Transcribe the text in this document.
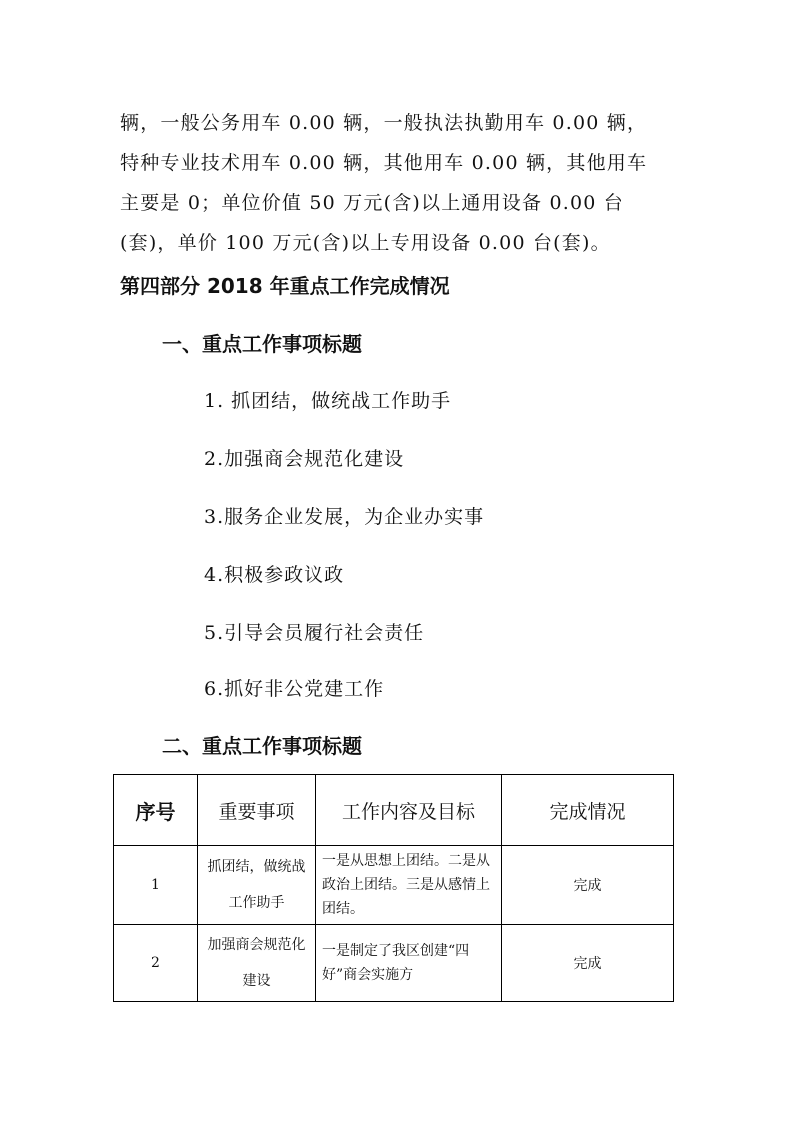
辆，一般公务用车 0.00 辆，一般执法执勤用车 0.00 辆，
特种专业技术用车 0.00 辆，其他用车 0.00 辆，其他用车
主要是 0；单位价值 50 万元(含)以上通用设备 0.00 台
(套)，单价 100 万元(含)以上专用设备 0.00 台(套)。
第四部分 2018 年重点工作完成情况
一、重点工作事项标题
1. 抓团结，做统战工作助手
2.加强商会规范化建设
3.服务企业发展，为企业办实事
4.积极参政议政
5.引导会员履行社会责任
6.抓好非公党建工作
二、重点工作事项标题
序号	重要事项	工作内容及目标	完成情况
1	抓团结，做统战工作助手	一是从思想上团结。二是从政治上团结。三是从感情上团结。	完成
2	加强商会规范化建设	一是制定了我区创建“四好”商会实施方	完成
